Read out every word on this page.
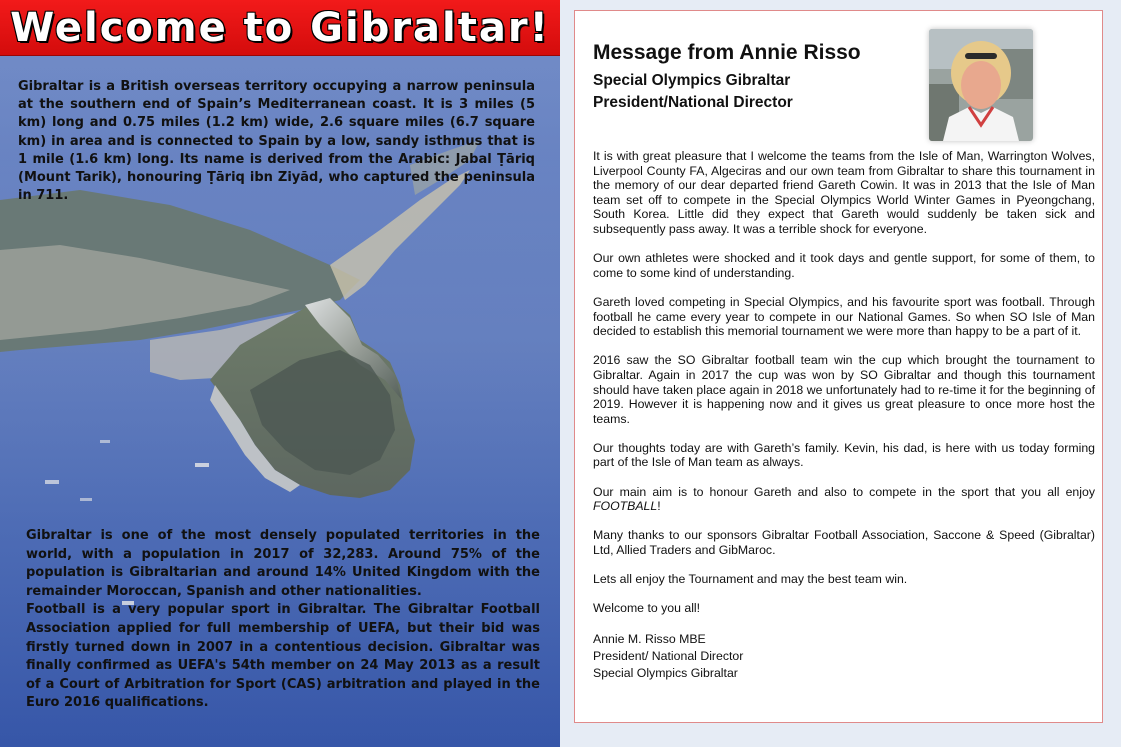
Welcome to Gibraltar!
Gibraltar is a British overseas territory occupying a narrow peninsula at the southern end of Spain’s Mediterranean coast. It is 3 miles (5 km) long and 0.75 miles (1.2 km) wide, 2.6 square miles (6.7 square km) in area and is connected to Spain by a low, sandy isthmus that is 1 mile (1.6 km) long. Its name is derived from the Arabic: Jabal Ṭāriq (Mount Tarik), honouring Ṭāriq ibn Ziyād, who captured the peninsula in 711.

Gibraltar is one of the most densely populated territories in the world, with a population in 2017 of 32,283. Around 75% of the population is Gibraltarian and around 14% United Kingdom with the remainder Moroccan, Spanish and other nationalities.

Football is a very popular sport in Gibraltar. The Gibraltar Football Association applied for full membership of UEFA, but their bid was firstly turned down in 2007 in a contentious decision. Gibraltar was finally confirmed as UEFA's 54th member on 24 May 2013 as a result of a Court of Arbitration for Sport (CAS) arbitration and played in the Euro 2016 qualifications.

Message from Annie Risso
Special Olympics Gibraltar
President/National Director

It is with great pleasure that I welcome the teams from the Isle of Man, Warrington Wolves, Liverpool County FA, Algeciras and our own team from Gibraltar to share this tournament in the memory of our dear departed friend Gareth Cowin. It was in 2013 that the Isle of Man team set off to compete in the Special Olympics World Winter Games in Pyeongchang, South Korea. Little did they expect that Gareth would suddenly be taken sick and subsequently pass away. It was a terrible shock for everyone.

Our own athletes were shocked and it took days and gentle support, for some of them, to come to some kind of understanding.

Gareth loved competing in Special Olympics, and his favourite sport was football. Through football he came every year to compete in our National Games. So when SO Isle of Man decided to establish this memorial tournament we were more than happy to be a part of it.

2016 saw the SO Gibraltar football team win the cup which brought the tournament to Gibraltar. Again in 2017 the cup was won by SO Gibraltar and though this tournament should have taken place again in 2018 we unfortunately had to re-time it for the beginning of 2019. However it is happening now and it gives us great pleasure to once more host the teams.

Our thoughts today are with Gareth’s family. Kevin, his dad, is here with us today forming part of the Isle of Man team as always.

Our main aim is to honour Gareth and also to compete in the sport that you all enjoy FOOTBALL!

Many thanks to our sponsors Gibraltar Football Association, Saccone & Speed (Gibraltar) Ltd, Allied Traders and GibMaroc.

Lets all enjoy the Tournament and may the best team win.

Welcome to you all!

Annie M. Risso MBE

President/ National Director

Special Olympics Gibraltar
